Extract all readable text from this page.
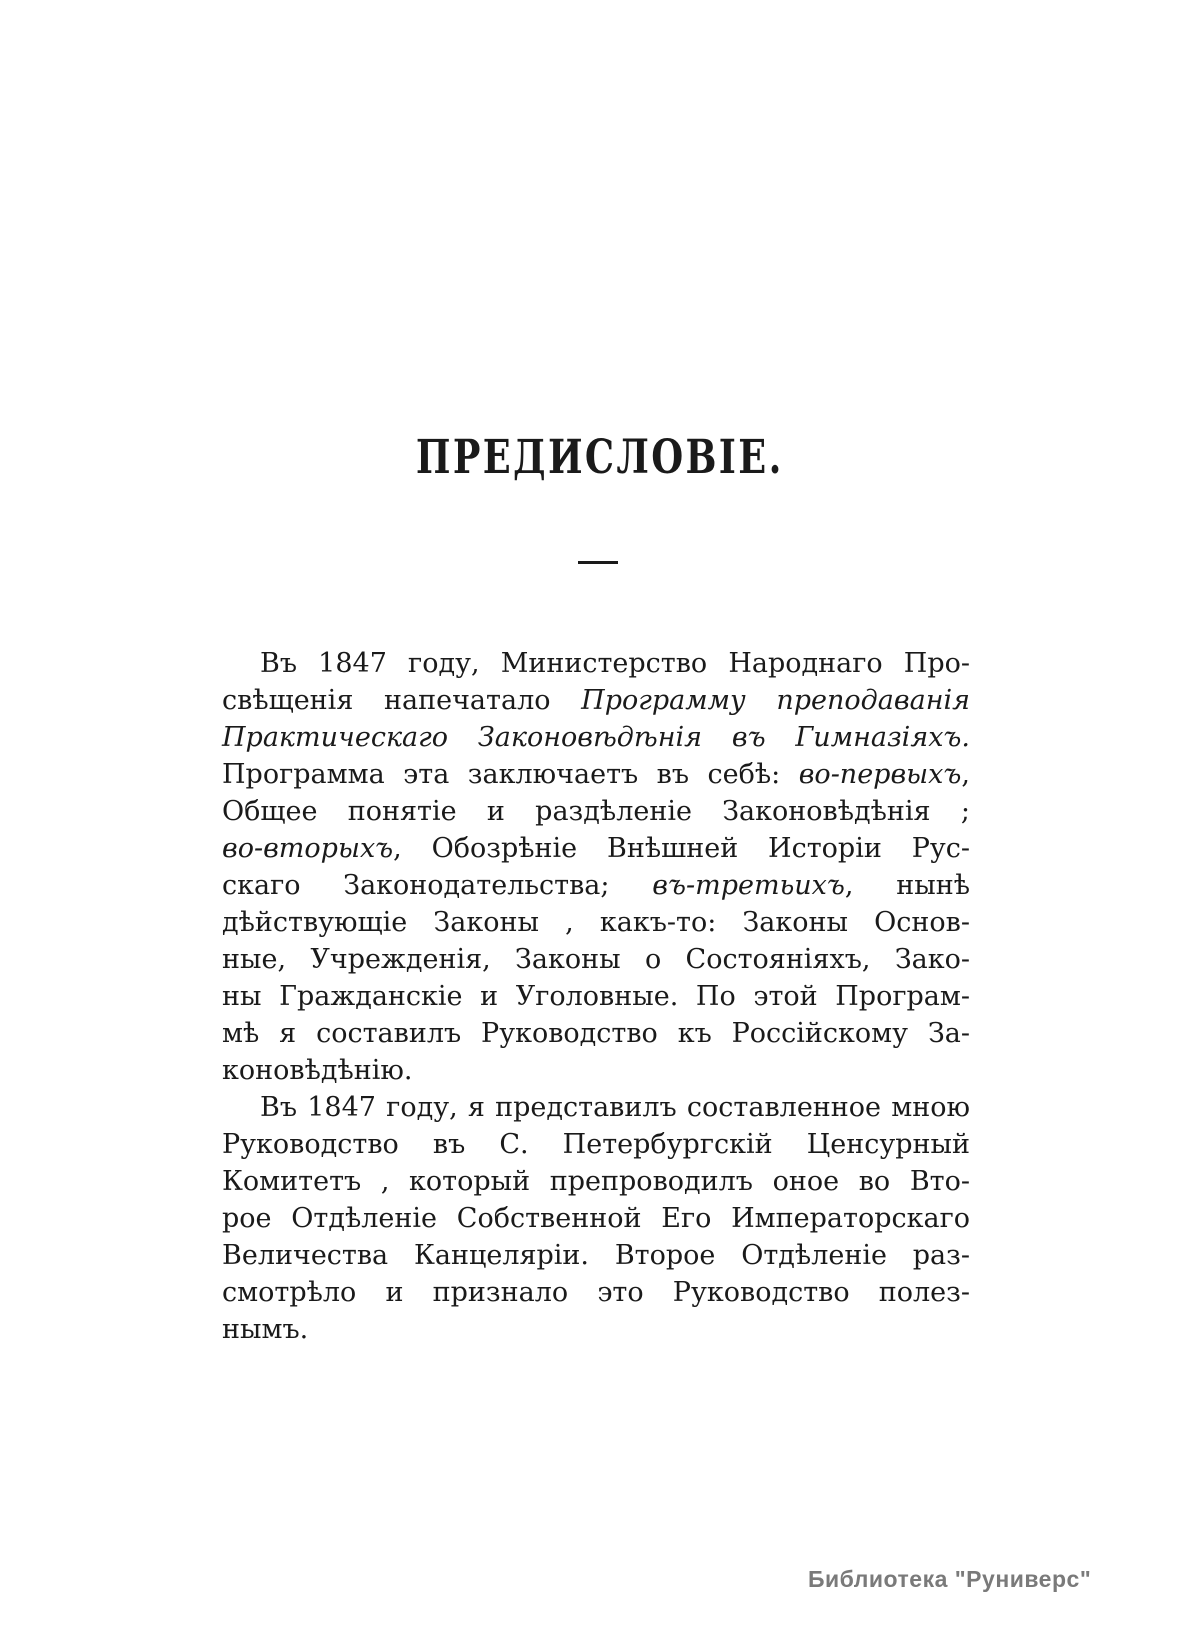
ПРЕДИСЛОВІЕ.
Въ 1847 году, Министерство Народнаго Про-
свѣщенія напечатало Программу преподаванія
Практическаго Законовѣдѣнія въ Гимназіяхъ.
Программа эта заключаетъ въ себѣ: во-первыхъ,
Общее понятіе и раздѣленіе Законовѣдѣнія ;
во-вторыхъ, Обозрѣніе Внѣшней Исторіи Рус-
скаго Законодательства; въ-третьихъ, нынѣ
дѣйствующіе Законы , какъ-то: Законы Основ-
ные, Учрежденія, Законы о Состояніяхъ, Зако-
ны Гражданскіе и Уголовные. По этой Програм-
мѣ я составилъ Руководство къ Россійскому За-
коновѣдѣнію.
Въ 1847 году, я представилъ составленное мною
Руководство въ С. Петербургскій Ценсурный
Комитетъ , который препроводилъ оное во Вто-
рое Отдѣленіе Собственной Его Императорскаго
Величества Канцеляріи. Второе Отдѣленіе раз-
смотрѣло и признало это Руководство полез-
нымъ.
Библиотека "Руниверс"
